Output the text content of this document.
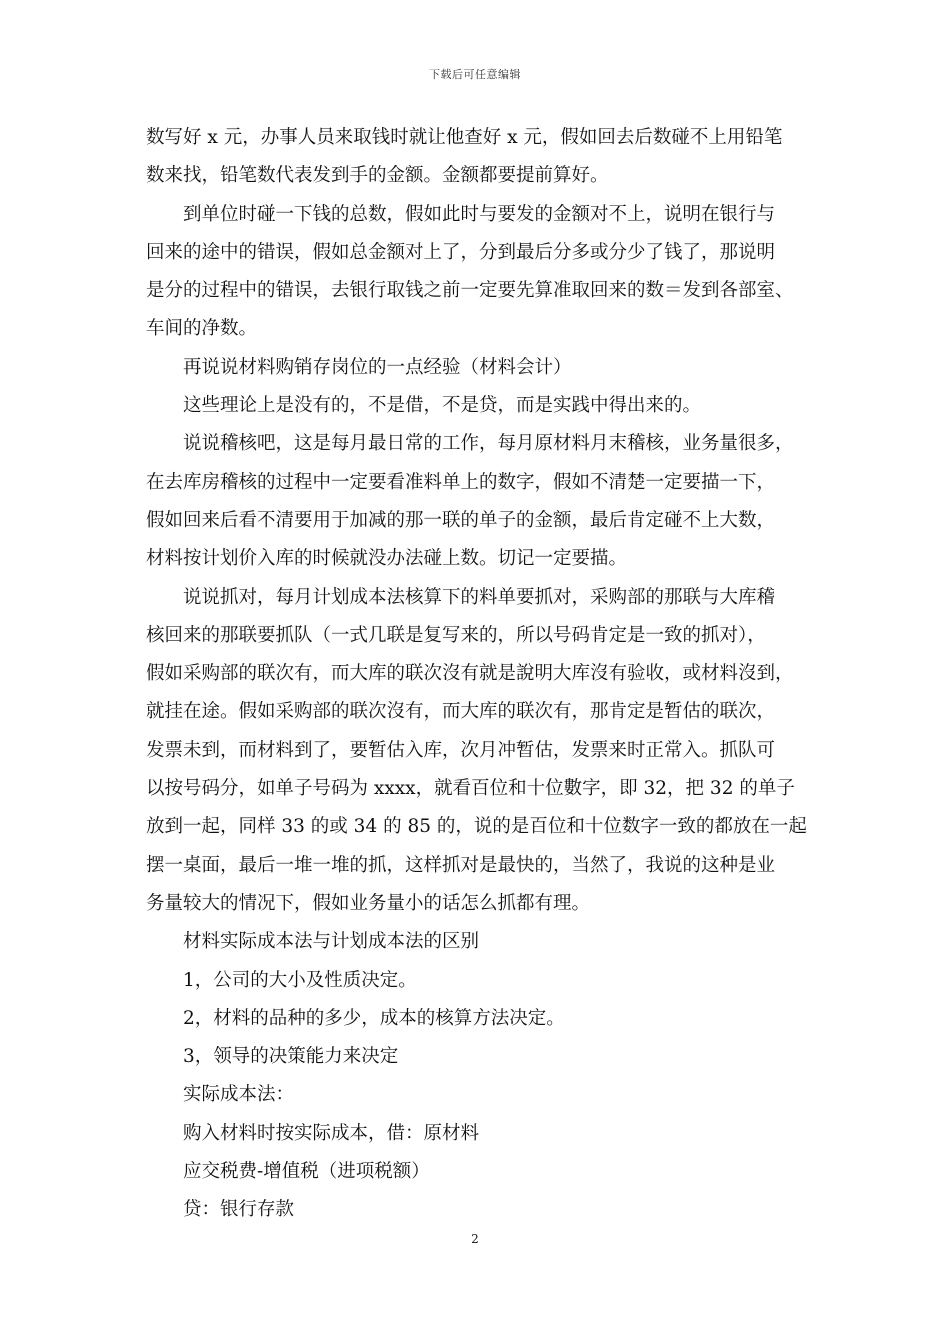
下载后可任意编辑

数写好 x 元，办事人员来取钱时就让他查好 x 元，假如回去后数碰不上用铅笔

数来找，铅笔数代表发到手的金额。金额都要提前算好。

到单位时碰一下钱的总数，假如此时与要发的金额对不上，说明在银行与

回来的途中的错误，假如总金额对上了，分到最后分多或分少了钱了，那说明

是分的过程中的错误，去银行取钱之前一定要先算准取回来的数＝发到各部室、

车间的净数。

再说说材料购销存岗位的一点经验（材料会计）

这些理论上是没有的，不是借，不是贷，而是实践中得出来的。

说说稽核吧，这是每月最日常的工作，每月原材料月末稽核，业务量很多，

在去库房稽核的过程中一定要看准料单上的数字，假如不清楚一定要描一下，

假如回来后看不清要用于加减的那一联的单子的金额，最后肯定碰不上大数，

材料按计划价入库的时候就没办法碰上数。切记一定要描。

说说抓对，每月计划成本法核算下的料单要抓对，采购部的那联与大库稽

核回来的那联要抓队（一式几联是复写来的，所以号码肯定是一致的抓对），

假如采购部的联次有，而大库的联次沒有就是說明大库沒有验收，或材料沒到，

就挂在途。假如采购部的联次沒有，而大库的联次有，那肯定是暂估的联次，

发票未到，而材料到了，要暂估入库，次月冲暂估，发票来时正常入。抓队可

以按号码分，如单子号码为 xxxx，就看百位和十位數字，即 32，把 32 的单子

放到一起，同样 33 的或 34 的 85 的，说的是百位和十位数字一致的都放在一起

摆一桌面，最后一堆一堆的抓，这样抓对是最快的，当然了，我说的这种是业

务量较大的情况下，假如业务量小的话怎么抓都有理。

材料实际成本法与计划成本法的区别

1，公司的大小及性质决定。

2，材料的品种的多少，成本的核算方法决定。

3，领导的决策能力来决定

实际成本法：

购入材料时按实际成本，借：原材料

应交税费-增值税（进项税额）

贷：银行存款

2
